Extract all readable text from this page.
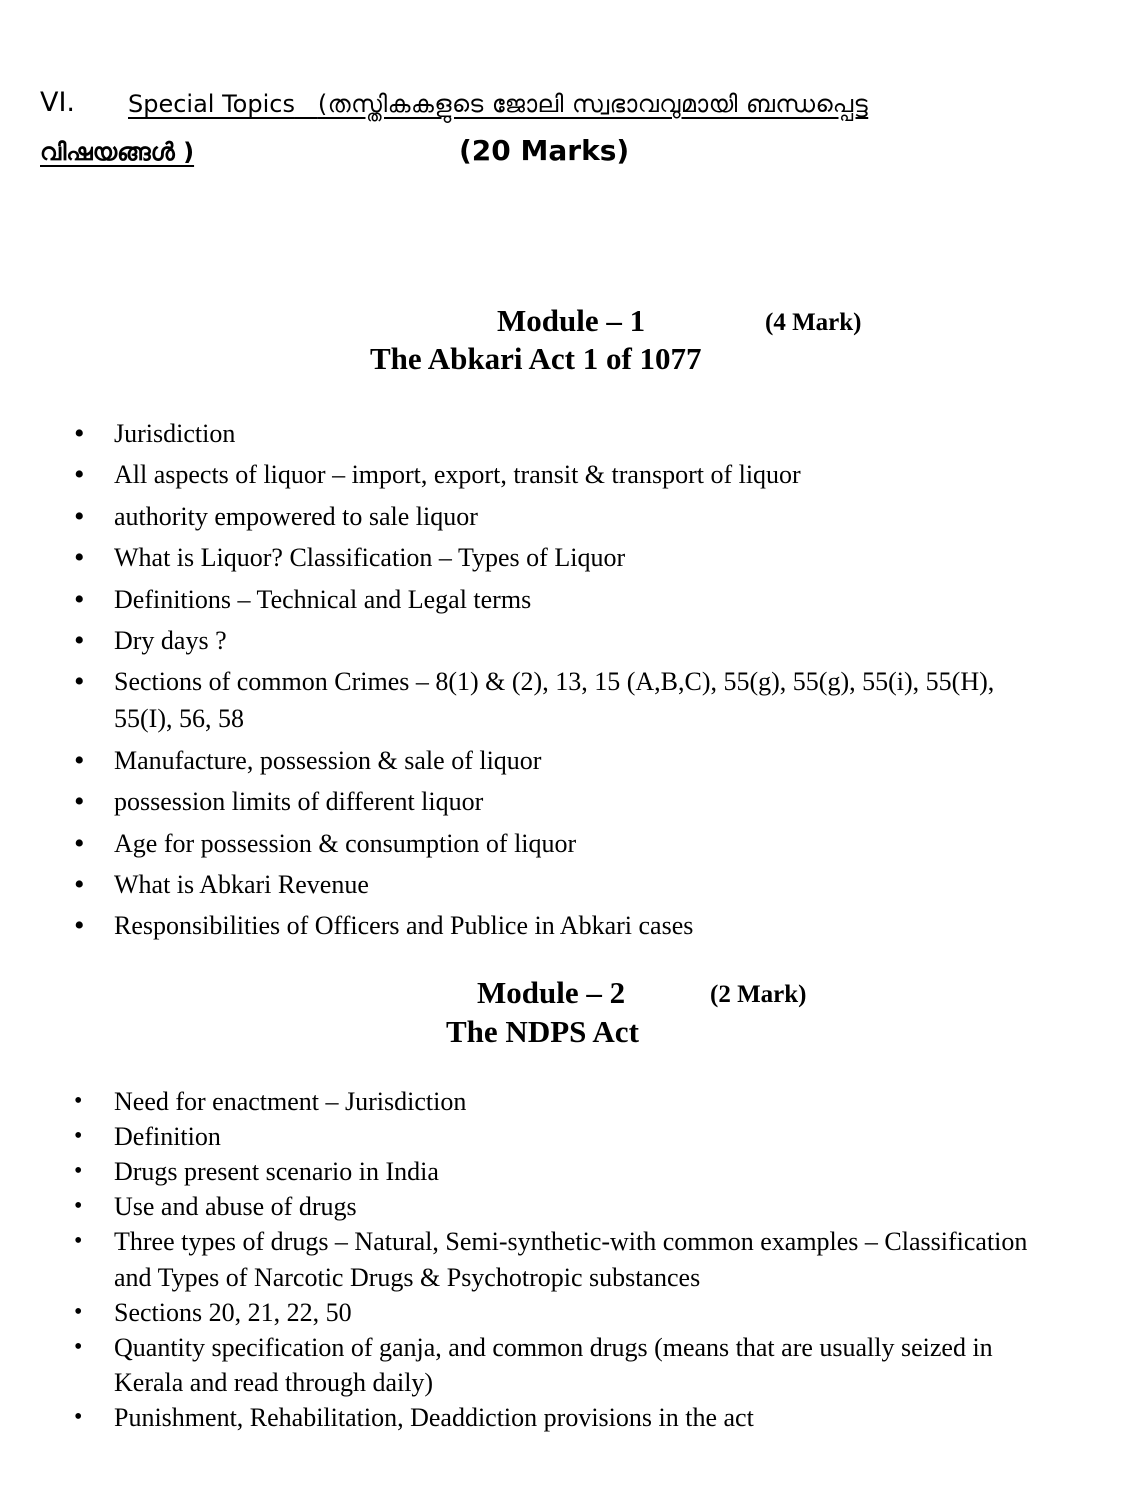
VI. Special Topics (തസ്തികകളുടെ ജോലി സ്വഭാവവുമായി ബന്ധപ്പെട്ട
വിഷയങ്ങൾ )	(20 Marks)
Module – 1	(4 Mark)
The Abkari Act 1 of 1077
• Jurisdiction
• All aspects of liquor – import, export, transit & transport of liquor
• authority empowered to sale liquor
• What is Liquor? Classification – Types of Liquor
• Definitions – Technical and Legal terms
• Dry days ?
• Sections of common Crimes – 8(1) & (2), 13, 15 (A,B,C), 55(g), 55(g), 55(i), 55(H), 55(I), 56, 58
• Manufacture, possession & sale of liquor
• possession limits of different liquor
• Age for possession & consumption of liquor
• What is Abkari Revenue
• Responsibilities of Officers and Publice in Abkari cases
Module – 2	(2 Mark)
The NDPS Act
• Need for enactment – Jurisdiction
• Definition
• Drugs present scenario in India
• Use and abuse of drugs
• Three types of drugs – Natural, Semi-synthetic-with common examples – Classification and Types of Narcotic Drugs & Psychotropic substances
• Sections 20, 21, 22, 50
• Quantity specification of ganja, and common drugs (means that are usually seized in Kerala and read through daily)
• Punishment, Rehabilitation, Deaddiction provisions in the act
